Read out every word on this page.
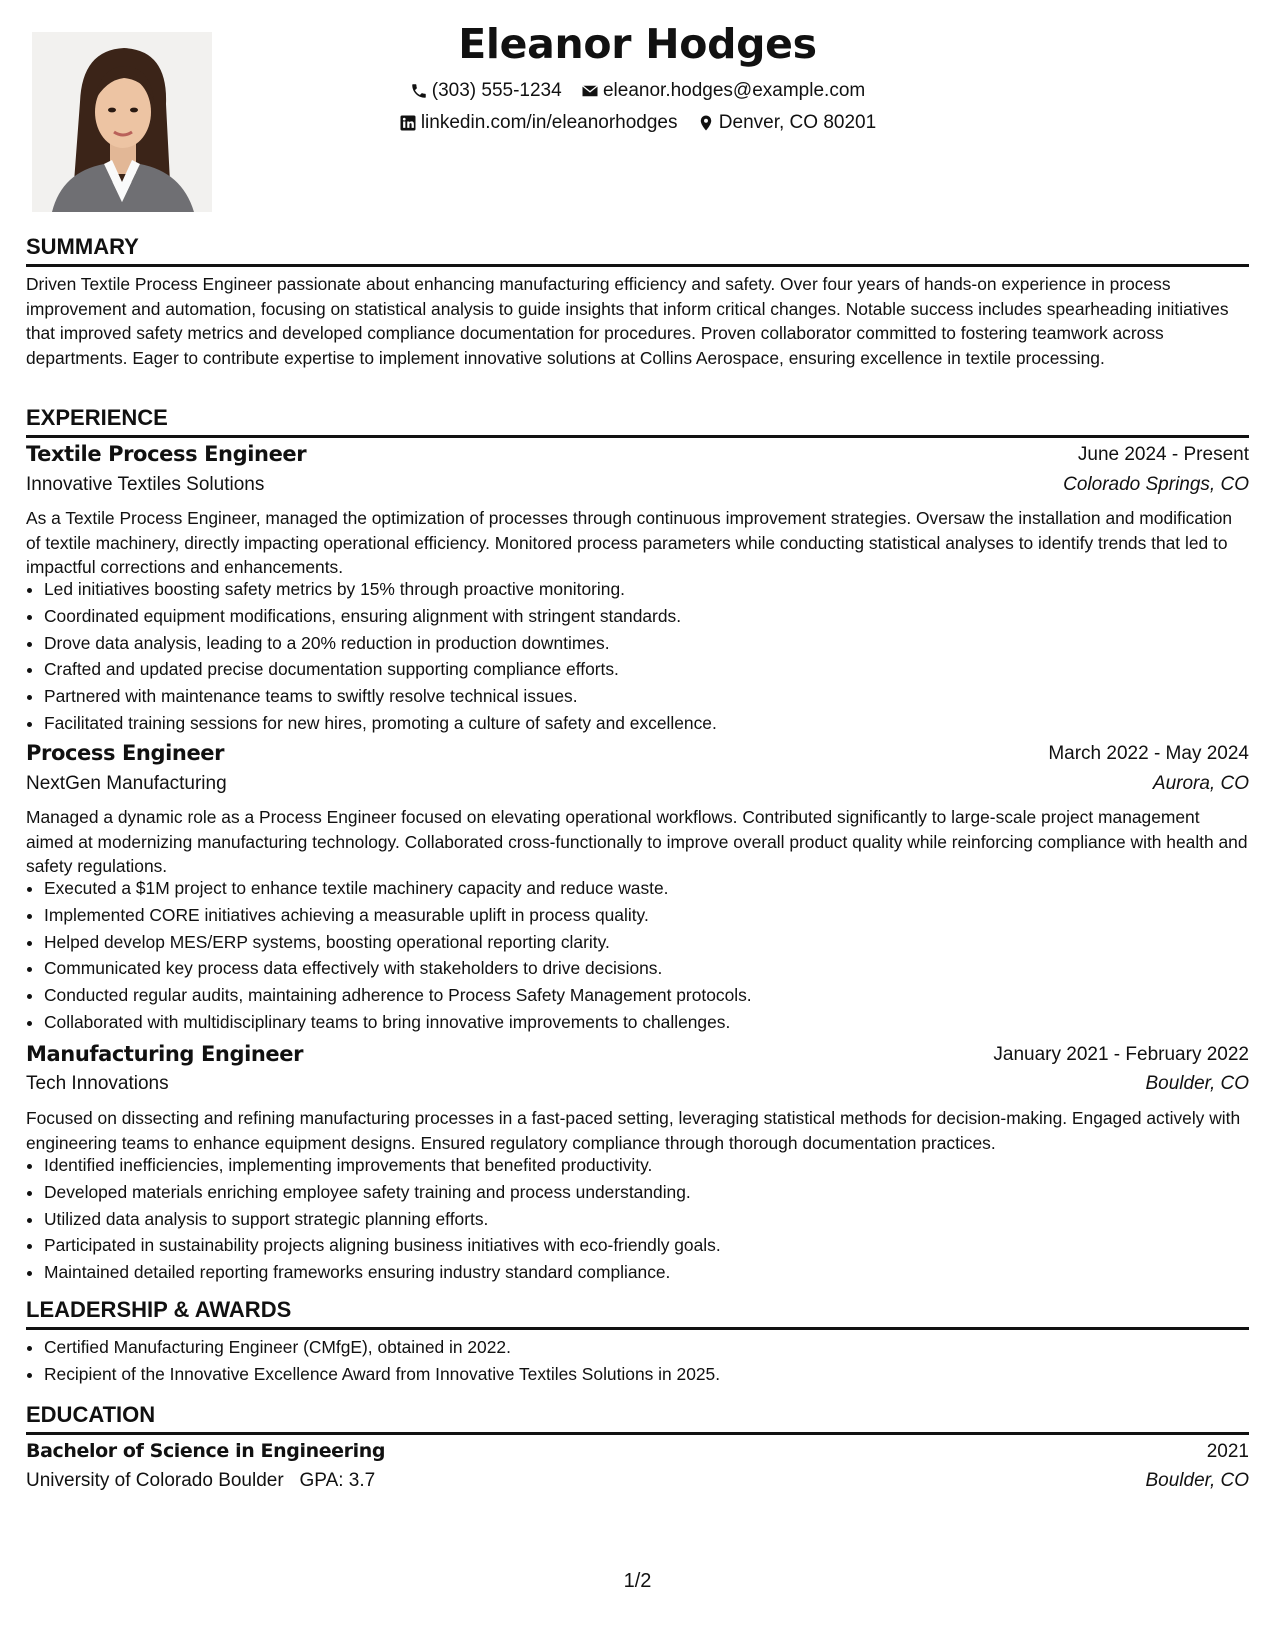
Eleanor Hodges
(303) 555-1234
eleanor.hodges@example.com
linkedin.com/in/eleanorhodges
Denver, CO 80201
SUMMARY
Driven Textile Process Engineer passionate about enhancing manufacturing efficiency and safety. Over four years of hands-on experience in process improvement and automation, focusing on statistical analysis to guide insights that inform critical changes. Notable success includes spearheading initiatives that improved safety metrics and developed compliance documentation for procedures. Proven collaborator committed to fostering teamwork across departments. Eager to contribute expertise to implement innovative solutions at Collins Aerospace, ensuring excellence in textile processing.
EXPERIENCE
Textile Process Engineer	June 2024 - Present
Innovative Textiles Solutions	Colorado Springs, CO
As a Textile Process Engineer, managed the optimization of processes through continuous improvement strategies. Oversaw the installation and modification of textile machinery, directly impacting operational efficiency. Monitored process parameters while conducting statistical analyses to identify trends that led to impactful corrections and enhancements.
• Led initiatives boosting safety metrics by 15% through proactive monitoring.
• Coordinated equipment modifications, ensuring alignment with stringent standards.
• Drove data analysis, leading to a 20% reduction in production downtimes.
• Crafted and updated precise documentation supporting compliance efforts.
• Partnered with maintenance teams to swiftly resolve technical issues.
• Facilitated training sessions for new hires, promoting a culture of safety and excellence.
Process Engineer	March 2022 - May 2024
NextGen Manufacturing	Aurora, CO
Managed a dynamic role as a Process Engineer focused on elevating operational workflows. Contributed significantly to large-scale project management aimed at modernizing manufacturing technology. Collaborated cross-functionally to improve overall product quality while reinforcing compliance with health and safety regulations.
• Executed a $1M project to enhance textile machinery capacity and reduce waste.
• Implemented CORE initiatives achieving a measurable uplift in process quality.
• Helped develop MES/ERP systems, boosting operational reporting clarity.
• Communicated key process data effectively with stakeholders to drive decisions.
• Conducted regular audits, maintaining adherence to Process Safety Management protocols.
• Collaborated with multidisciplinary teams to bring innovative improvements to challenges.
Manufacturing Engineer	January 2021 - February 2022
Tech Innovations	Boulder, CO
Focused on dissecting and refining manufacturing processes in a fast-paced setting, leveraging statistical methods for decision-making. Engaged actively with engineering teams to enhance equipment designs. Ensured regulatory compliance through thorough documentation practices.
• Identified inefficiencies, implementing improvements that benefited productivity.
• Developed materials enriching employee safety training and process understanding.
• Utilized data analysis to support strategic planning efforts.
• Participated in sustainability projects aligning business initiatives with eco-friendly goals.
• Maintained detailed reporting frameworks ensuring industry standard compliance.
LEADERSHIP & AWARDS
• Certified Manufacturing Engineer (CMfgE), obtained in 2022.
• Recipient of the Innovative Excellence Award from Innovative Textiles Solutions in 2025.
EDUCATION
Bachelor of Science in Engineering	2021
University of Colorado Boulder GPA: 3.7	Boulder, CO
1/2
